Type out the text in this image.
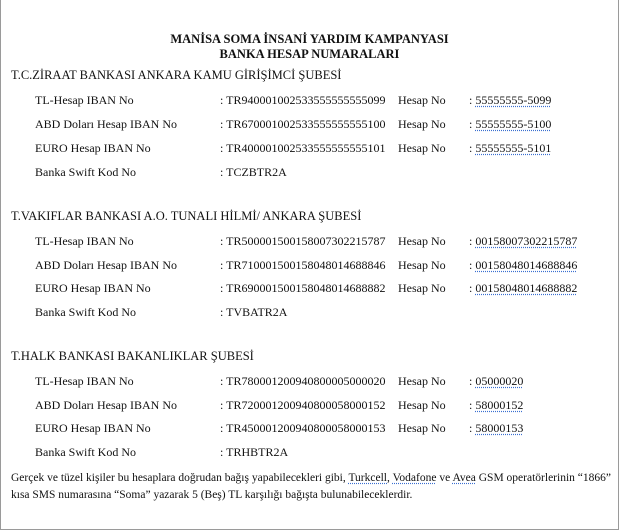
MANİSA SOMA İNSANİ YARDIM KAMPANYASI
BANKA HESAP NUMARALARI
T.C.ZİRAAT BANKASI ANKARA KAMU GİRİŞİMCİ ŞUBESİ
TL-Hesap IBAN No	: TR940001002533555555555099 Hesap No : 55555555-5099
ABD Doları Hesap IBAN No	: TR670001002533555555555100 Hesap No : 55555555-5100
EURO Hesap IBAN No	: TR400001002533555555555101 Hesap No : 55555555-5101
Banka Swift Kod No	: TCZBTR2A
T.VAKIFLAR BANKASI A.O. TUNALI HİLMİ/ ANKARA ŞUBESİ
TL-Hesap IBAN No	: TR500001500158007302215787 Hesap No : 00158007302215787
ABD Doları Hesap IBAN No	: TR710001500158048014688846 Hesap No : 00158048014688846
EURO Hesap IBAN No	: TR690001500158048014688882 Hesap No : 00158048014688882
Banka Swift Kod No	: TVBATR2A
T.HALK BANKASI BAKANLIKLAR ŞUBESİ
TL-Hesap IBAN No	: TR780001200940800005000020 Hesap No : 05000020
ABD Doları Hesap IBAN No	: TR720001200940800058000152 Hesap No : 58000152
EURO Hesap IBAN No	: TR450001200940800058000153 Hesap No : 58000153
Banka Swift Kod No	: TRHBTR2A
Gerçek ve tüzel kişiler bu hesaplara doğrudan bağış yapabilecekleri gibi, Turkcell, Vodafone ve Avea GSM operatörlerinin “1866” kısa SMS numarasına “Soma” yazarak 5 (Beş) TL karşılığı bağışta bulunabileceklerdir.
